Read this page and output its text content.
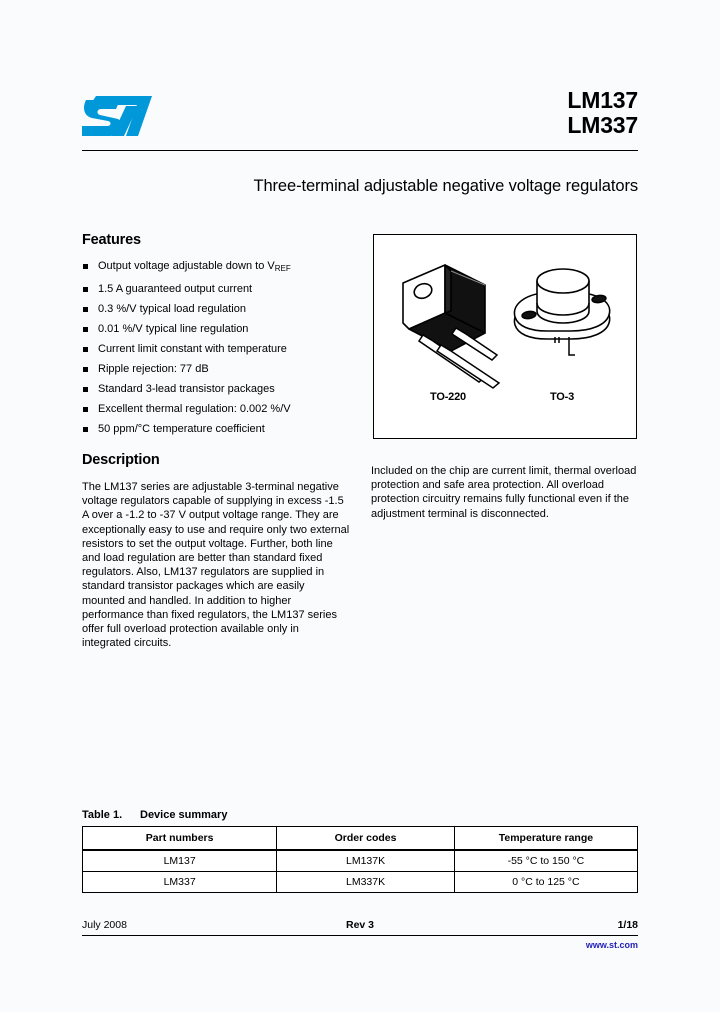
LM137
LM337
Three-terminal adjustable negative voltage regulators
Features
Output voltage adjustable down to $V_{REF}$
1.5 A guaranteed output current
0.3 %/V typical load regulation
0.01 %/V typical line regulation
Current limit constant with temperature
Ripple rejection: 77 dB
Standard 3-lead transistor packages
Excellent thermal regulation: 0.002 %/V
50 ppm/°C temperature coefficient
TO-220	TO-3
Description
The LM137 series are adjustable 3-terminal negative voltage regulators capable of supplying in excess -1.5 A over a -1.2 to -37 V output voltage range. They are exceptionally easy to use and require only two external resistors to set the output voltage. Further, both line and load regulation are better than standard fixed regulators. Also, LM137 regulators are supplied in standard transistor packages which are easily mounted and handled. In addition to higher performance than fixed regulators, the LM137 series offer full overload protection available only in integrated circuits.
Included on the chip are current limit, thermal overload protection and safe area protection. All overload protection circuitry remains fully functional even if the adjustment terminal is disconnected.
Table 1. Device summary
Part numbers	Order codes	Temperature range
LM137	LM137K	-55 °C to 150 °C
LM337	LM337K	0 °C to 125 °C
July 2008	Rev 3	1/18
www.st.com
